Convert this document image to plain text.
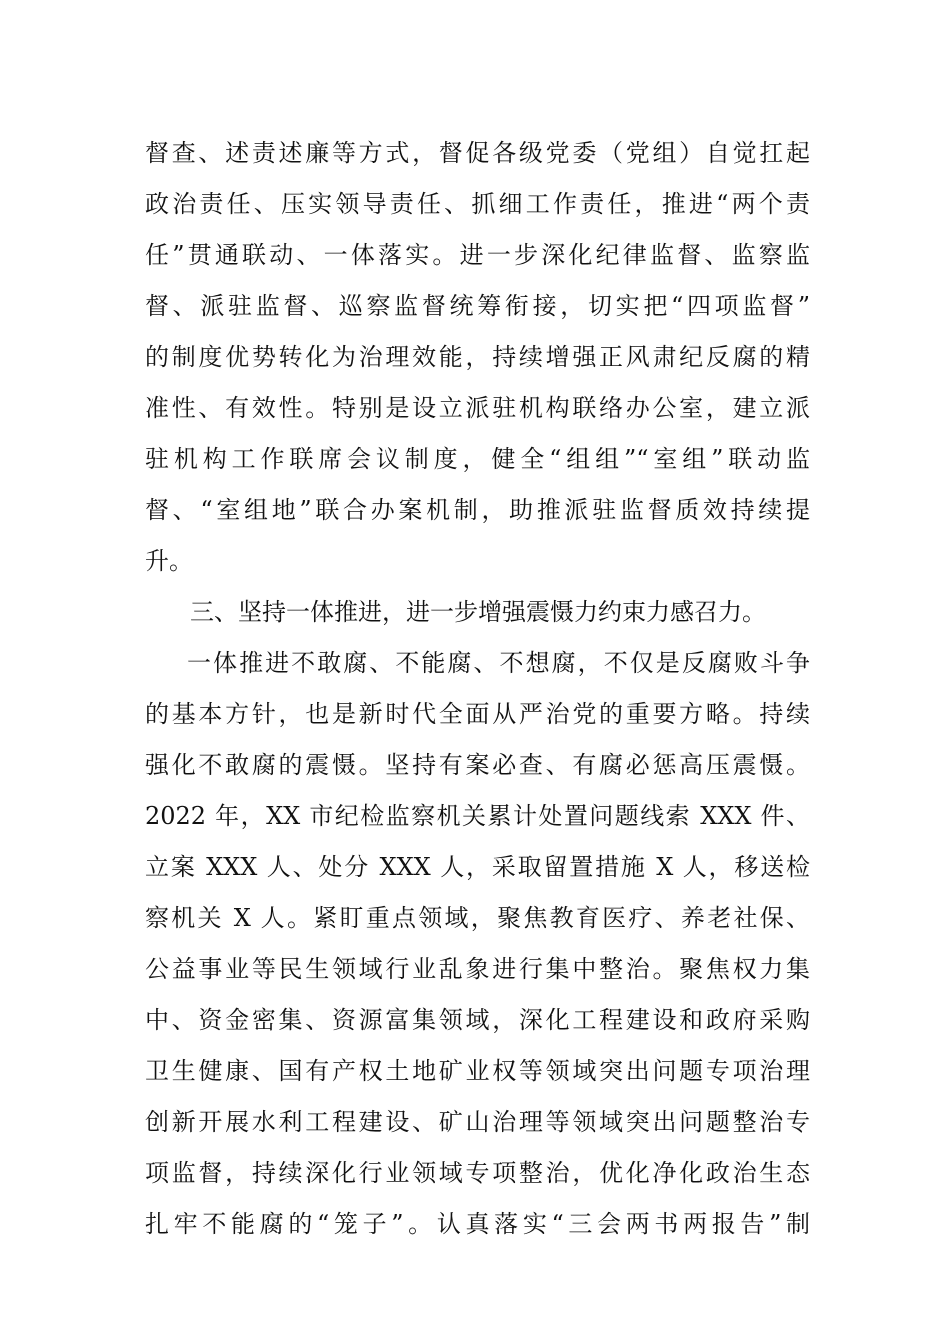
督查、述责述廉等方式，督促各级党委（党组）自觉扛起
政治责任、压实领导责任、抓细工作责任，推进“两个责
任”贯通联动、一体落实。进一步深化纪律监督、监察监
督、派驻监督、巡察监督统筹衔接，切实把“四项监督”
的制度优势转化为治理效能，持续增强正风肃纪反腐的精
准性、有效性。特别是设立派驻机构联络办公室，建立派
驻机构工作联席会议制度，健全“组组”“室组”联动监
督、“室组地”联合办案机制，助推派驻监督质效持续提
升。
三、坚持一体推进，进一步增强震慑力约束力感召力。
一体推进不敢腐、不能腐、不想腐，不仅是反腐败斗争
的基本方针，也是新时代全面从严治党的重要方略。持续
强化不敢腐的震慑。坚持有案必查、有腐必惩高压震慑。
2022 年，XX 市纪检监察机关累计处置问题线索 XXX 件、
立案 XXX 人、处分 XXX 人，采取留置措施 X 人，移送检
察机关 X 人。紧盯重点领域，聚焦教育医疗、养老社保、
公益事业等民生领域行业乱象进行集中整治。聚焦权力集
中、资金密集、资源富集领域，深化工程建设和政府采购
卫生健康、国有产权土地矿业权等领域突出问题专项治理
创新开展水利工程建设、矿山治理等领域突出问题整治专
项监督，持续深化行业领域专项整治，优化净化政治生态
扎牢不能腐的“笼子”。认真落实“三会两书两报告”制
